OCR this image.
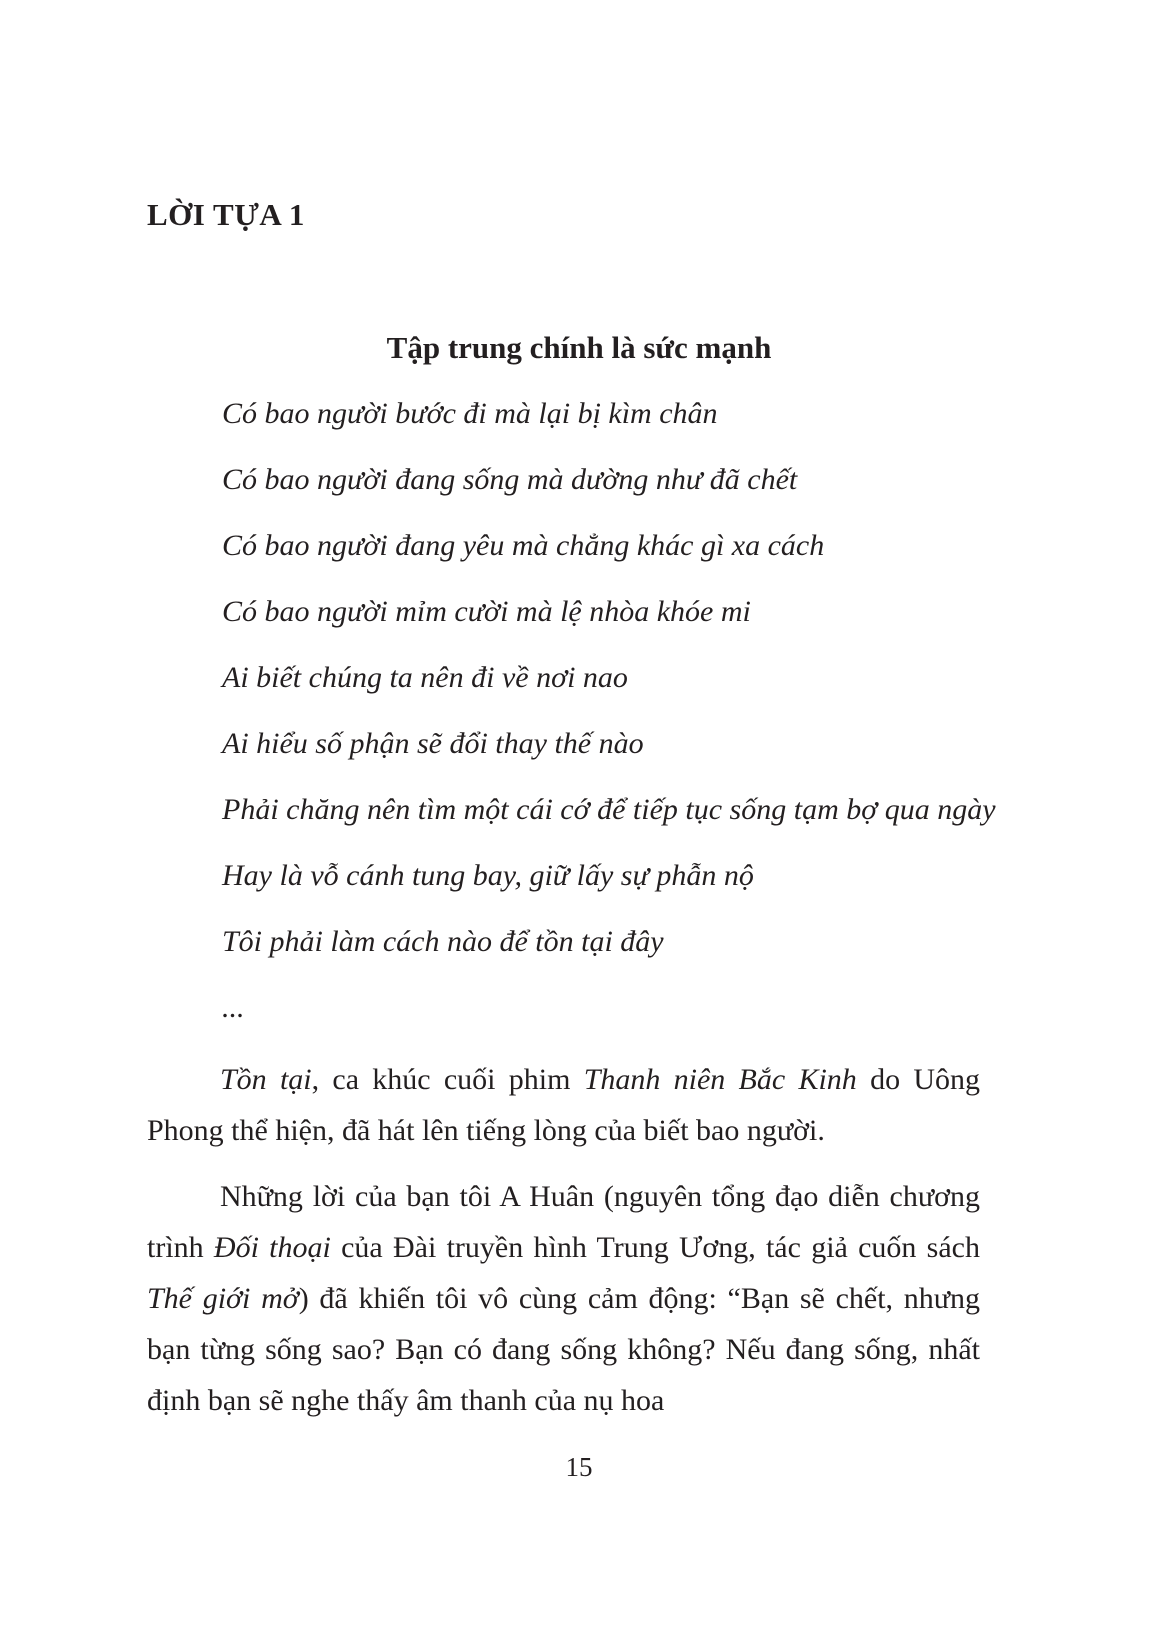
LỜI TỰA 1
Tập trung chính là sức mạnh
Có bao người bước đi mà lại bị kìm chân
Có bao người đang sống mà dường như đã chết
Có bao người đang yêu mà chẳng khác gì xa cách
Có bao người mỉm cười mà lệ nhòa khóe mi
Ai biết chúng ta nên đi về nơi nao
Ai hiểu số phận sẽ đổi thay thế nào
Phải chăng nên tìm một cái cớ để tiếp tục sống tạm bợ qua ngày
Hay là vỗ cánh tung bay, giữ lấy sự phẫn nộ
Tôi phải làm cách nào để tồn tại đây
...

Tồn tại, ca khúc cuối phim Thanh niên Bắc Kinh do Uông Phong thể hiện, đã hát lên tiếng lòng của biết bao người.

Những lời của bạn tôi A Huân (nguyên tổng đạo diễn chương trình Đối thoại của Đài truyền hình Trung Ương, tác giả cuốn sách Thế giới mở) đã khiến tôi vô cùng cảm động: “Bạn sẽ chết, nhưng bạn từng sống sao? Bạn có đang sống không? Nếu đang sống, nhất định bạn sẽ nghe thấy âm thanh của nụ hoa

15
